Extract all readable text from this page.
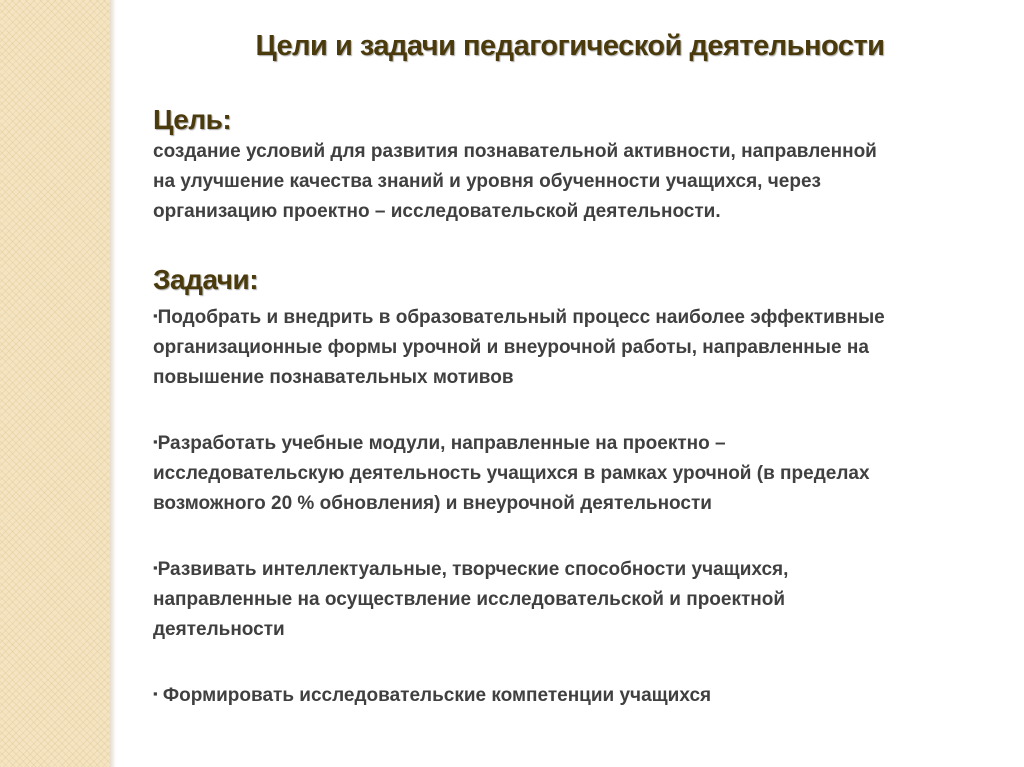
Цели и задачи педагогической деятельности
Цель:

создание условий для развития познавательной активности, направленной
на улучшение качества знаний и уровня обученности учащихся, через
организацию проектно – исследовательской деятельности.

Задачи:

▪Подобрать и внедрить в образовательный процесс наиболее эффективные
организационные формы урочной и внеурочной работы, направленные на
повышение познавательных мотивов

▪Разработать учебные модули, направленные на проектно –
исследовательскую деятельность учащихся в рамках урочной (в пределах
возможного 20 % обновления) и внеурочной деятельности

▪Развивать интеллектуальные, творческие способности учащихся,
направленные на осуществление исследовательской и проектной
деятельности

▪ Формировать исследовательские компетенции учащихся
